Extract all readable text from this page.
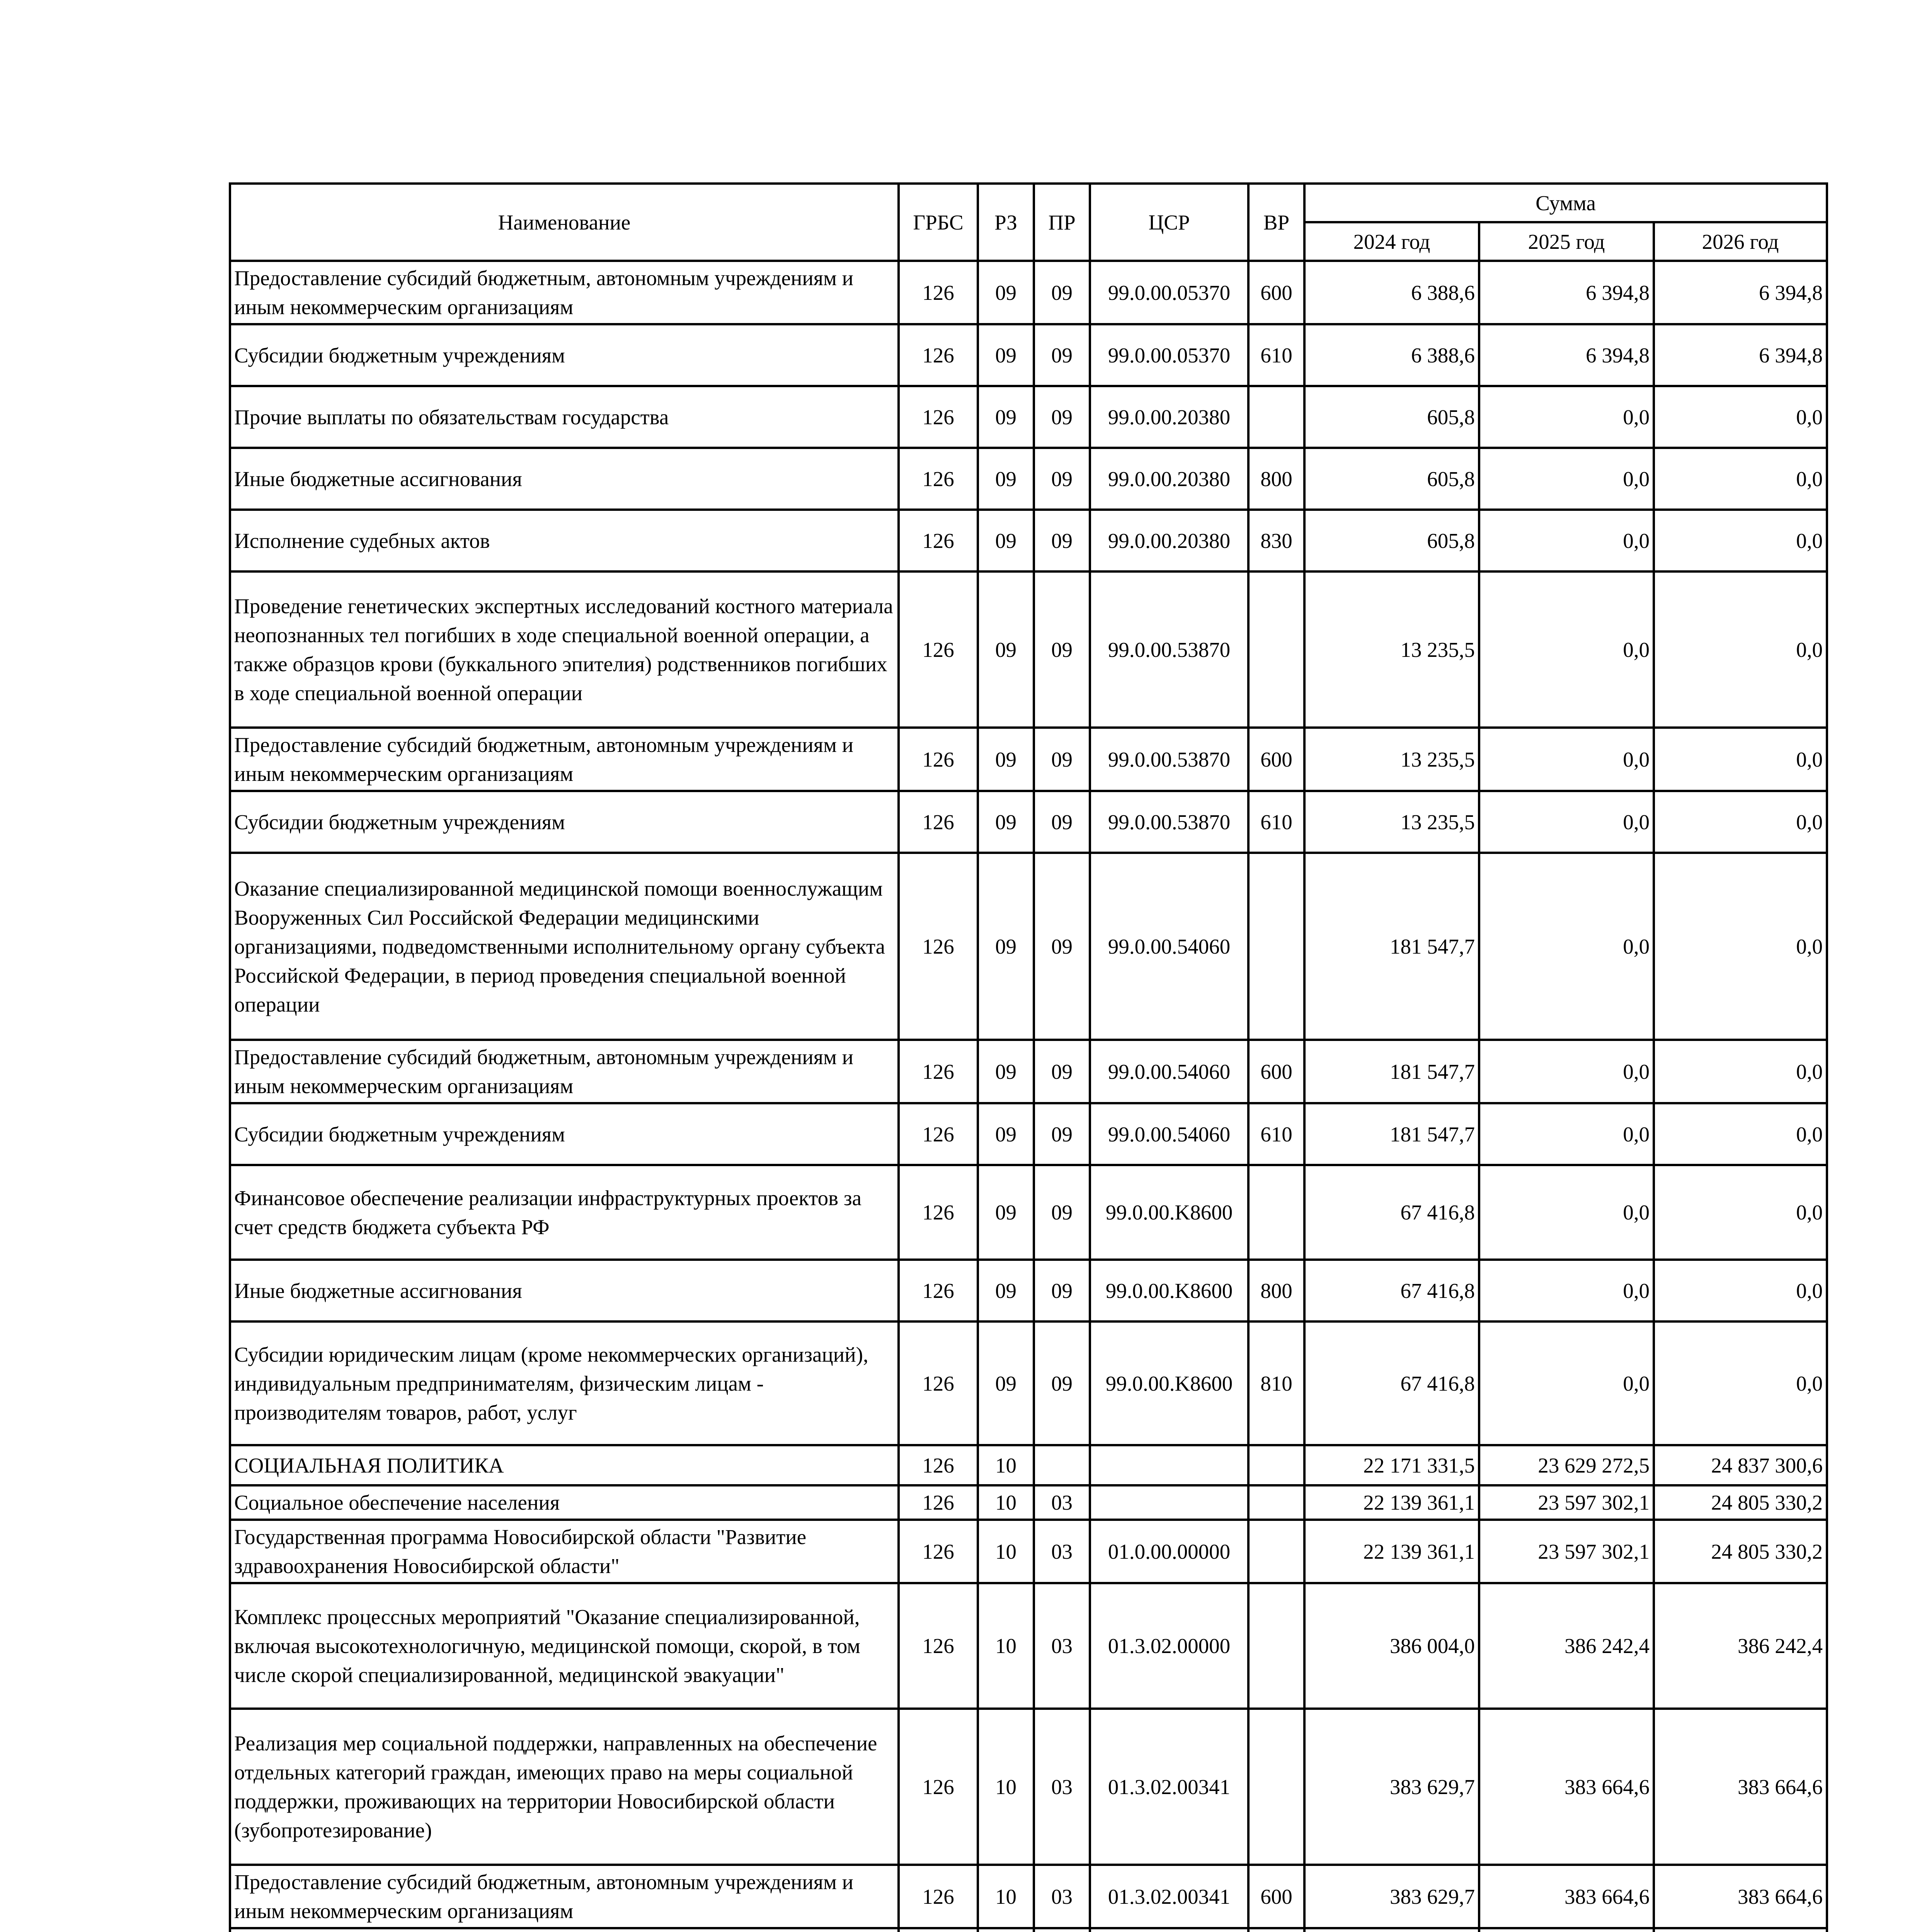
Наименование	ГРБС	РЗ	ПР	ЦСР	ВР	Сумма		
						2024 год	2025 год	2026 год
Предоставление субсидий бюджетным, автономным учреждениям и иным некоммерческим организациям	126	09	09	99.0.00.05370	600	6 388,6	6 394,8	6 394,8
Субсидии бюджетным учреждениям	126	09	09	99.0.00.05370	610	6 388,6	6 394,8	6 394,8
Прочие выплаты по обязательствам государства	126	09	09	99.0.00.20380		605,8	0,0	0,0
Иные бюджетные ассигнования	126	09	09	99.0.00.20380	800	605,8	0,0	0,0
Исполнение судебных актов	126	09	09	99.0.00.20380	830	605,8	0,0	0,0
Проведение генетических экспертных исследований костного материала неопознанных тел погибших в ходе специальной военной операции, а также образцов крови (буккального эпителия) родственников погибших в ходе специальной военной операции	126	09	09	99.0.00.53870		13 235,5	0,0	0,0
Предоставление субсидий бюджетным, автономным учреждениям и иным некоммерческим организациям	126	09	09	99.0.00.53870	600	13 235,5	0,0	0,0
Субсидии бюджетным учреждениям	126	09	09	99.0.00.53870	610	13 235,5	0,0	0,0
Оказание специализированной медицинской помощи военнослужащим Вооруженных Сил Российской Федерации медицинскими организациями, подведомственными исполнительному органу субъекта Российской Федерации, в период проведения специальной военной операции	126	09	09	99.0.00.54060		181 547,7	0,0	0,0
Предоставление субсидий бюджетным, автономным учреждениям и иным некоммерческим организациям	126	09	09	99.0.00.54060	600	181 547,7	0,0	0,0
Субсидии бюджетным учреждениям	126	09	09	99.0.00.54060	610	181 547,7	0,0	0,0
Финансовое обеспечение реализации инфраструктурных проектов за счет средств бюджета субъекта РФ	126	09	09	99.0.00.K8600		67 416,8	0,0	0,0
Иные бюджетные ассигнования	126	09	09	99.0.00.K8600	800	67 416,8	0,0	0,0
Субсидии юридическим лицам (кроме некоммерческих организаций), индивидуальным предпринимателям, физическим лицам - производителям товаров, работ, услуг	126	09	09	99.0.00.K8600	810	67 416,8	0,0	0,0
СОЦИАЛЬНАЯ ПОЛИТИКА	126	10				22 171 331,5	23 629 272,5	24 837 300,6
Социальное обеспечение населения	126	10	03			22 139 361,1	23 597 302,1	24 805 330,2
Государственная программа Новосибирской области "Развитие здравоохранения Новосибирской области"	126	10	03	01.0.00.00000		22 139 361,1	23 597 302,1	24 805 330,2
Комплекс процессных мероприятий "Оказание специализированной, включая высокотехнологичную, медицинской помощи, скорой, в том числе скорой специализированной, медицинской эвакуации"	126	10	03	01.3.02.00000		386 004,0	386 242,4	386 242,4
Реализация мер социальной поддержки, направленных на обеспечение отдельных категорий граждан, имеющих право на меры социальной поддержки, проживающих на территории Новосибирской области (зубопротезирование)	126	10	03	01.3.02.00341		383 629,7	383 664,6	383 664,6
Предоставление субсидий бюджетным, автономным учреждениям и иным некоммерческим организациям	126	10	03	01.3.02.00341	600	383 629,7	383 664,6	383 664,6
